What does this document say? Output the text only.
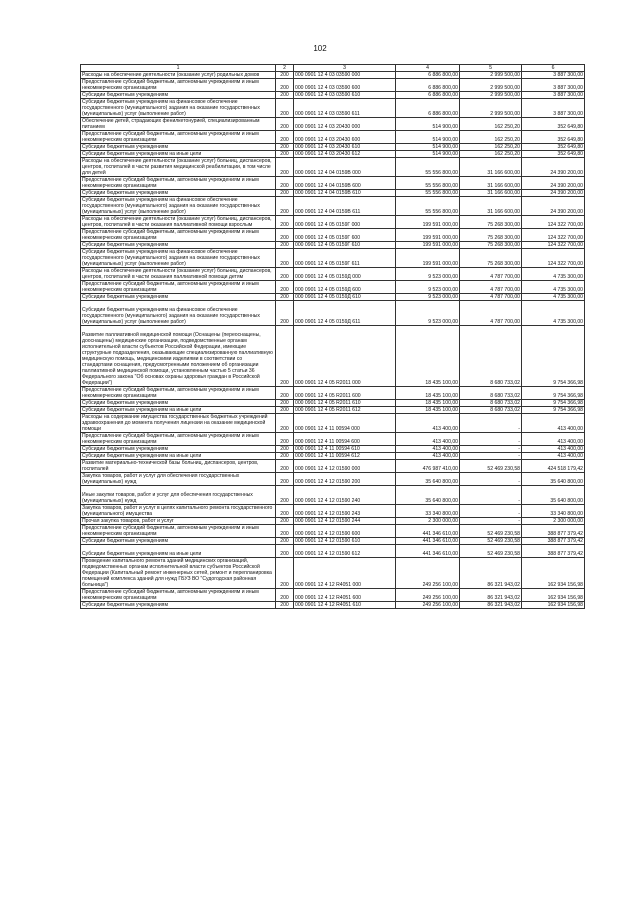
102
1	2	3	4	5	6
Расходы на обеспечение деятельности (оказание услуг) родильных домов	200	000 0901 12 4 03 03590 000	6 886 800,00	2 999 500,00	3 887 300,00
Предоставление субсидий бюджетным, автономным учреждениям и иным некоммерческим организациям	200	000 0901 12 4 03 03590 600	6 886 800,00	2 999 500,00	3 887 300,00
Субсидии бюджетным учреждениям	200	000 0901 12 4 03 03590 610	6 886 800,00	2 999 500,00	3 887 300,00
Субсидии бюджетным учреждениям на финансовое обеспечение государственного (муниципального) задания на оказание государственных (муниципальных) услуг (выполнение работ)	200	000 0901 12 4 03 03590 611	6 886 800,00	2 999 500,00	3 887 300,00
Обеспечение детей, страдающих фенилкетонурией, специализированным питанием	200	000 0901 12 4 03 20430 000	514 900,00	162 250,20	352 649,80
Предоставление субсидий бюджетным, автономным учреждениям и иным некоммерческим организациям	200	000 0901 12 4 03 20430 600	514 900,00	162 250,20	352 649,80
Субсидии бюджетным учреждениям	200	000 0901 12 4 03 20430 610	514 900,00	162 250,20	352 649,80
Субсидии бюджетным учреждениям на иные цели	200	000 0901 12 4 03 20430 612	514 900,00	162 250,20	352 649,80
Расходы на обеспечение деятельности (оказание услуг) больниц, диспансеров, центров, госпиталей в части развития медицинской реабилитации, в том числе для детей	200	000 0901 12 4 04 0159В 000	55 556 800,00	31 166 600,00	24 390 200,00
Предоставление субсидий бюджетным, автономным учреждениям и иным некоммерческим организациям	200	000 0901 12 4 04 0159В 600	55 556 800,00	31 166 600,00	24 390 200,00
Субсидии бюджетным учреждениям	200	000 0901 12 4 04 0159В 610	55 556 800,00	31 166 600,00	24 390 200,00
Субсидии бюджетным учреждениям на финансовое обеспечение государственного (муниципального) задания на оказание государственных (муниципальных) услуг (выполнение работ)	200	000 0901 12 4 04 0159В 611	55 556 800,00	31 166 600,00	24 390 200,00
Расходы на обеспечение деятельности (оказание услуг) больниц, диспансеров, центров, госпиталей в части оказания паллиативной помощи взрослым	200	000 0901 12 4 05 0159Г 000	199 591 000,00	75 268 300,00	124 322 700,00
Предоставление субсидий бюджетным, автономным учреждениям и иным некоммерческим организациям	200	000 0901 12 4 05 0159Г 600	199 591 000,00	75 268 300,00	124 322 700,00
Субсидии бюджетным учреждениям	200	000 0901 12 4 05 0159Г 610	199 591 000,00	75 268 300,00	124 322 700,00
Субсидии бюджетным учреждениям на финансовое обеспечение государственного (муниципального) задания на оказание государственных (муниципальных) услуг (выполнение работ)	200	000 0901 12 4 05 0159Г 611	199 591 000,00	75 268 300,00	124 322 700,00
Расходы на обеспечение деятельности (оказание услуг) больниц, диспансеров, центров, госпиталей в части оказания паллиативной помощи детям	200	000 0901 12 4 05 0159Д 000	9 523 000,00	4 787 700,00	4 735 300,00
Предоставление субсидий бюджетным, автономным учреждениям и иным некоммерческим организациям	200	000 0901 12 4 05 0159Д 600	9 523 000,00	4 787 700,00	4 735 300,00
Субсидии бюджетным учреждениям	200	000 0901 12 4 05 0159Д 610	9 523 000,00	4 787 700,00	4 735 300,00
Субсидии бюджетным учреждениям на финансовое обеспечение государственного (муниципального) задания на оказание государственных (муниципальных) услуг (выполнение работ)	200	000 0901 12 4 05 0159Д 611	9 523 000,00	4 787 700,00	4 735 300,00
Развитие паллиативной медицинской помощи (Оснащены (переоснащены, дооснащены) медицинские организации, подведомственные органам исполнительной власти субъектов Российской Федерации, имеющие структурные подразделения, оказывающие специализированную паллиативную медицинскую помощь, медицинскими изделиями в соответствии со стандартами оснащения, предусмотренными положением об организации паллиативной медицинской помощи, установленным частью 5 статьи 36 Федерального закона "Об основах охраны здоровья граждан в Российской Федерации")	200	000 0901 12 4 05 R2011 000	18 435 100,00	8 680 733,02	9 754 366,98
Предоставление субсидий бюджетным, автономным учреждениям и иным некоммерческим организациям	200	000 0901 12 4 05 R2011 600	18 435 100,00	8 680 733,02	9 754 366,98
Субсидии бюджетным учреждениям	200	000 0901 12 4 05 R2011 610	18 435 100,00	8 680 733,02	9 754 366,98
Субсидии бюджетным учреждениям на иные цели	200	000 0901 12 4 05 R2011 612	18 435 100,00	8 680 733,02	9 754 366,98
Расходы на содержание имущества государственных бюджетных учреждений здравоохранения до момента получения лицензии на оказание медицинской помощи	200	000 0901 12 4 11 00594 000	413 400,00	-	413 400,00
Предоставление субсидий бюджетным, автономным учреждениям и иным некоммерческим организациям	200	000 0901 12 4 11 00594 600	413 400,00	-	413 400,00
Субсидии бюджетным учреждениям	200	000 0901 12 4 11 00594 610	413 400,00	-	413 400,00
Субсидии бюджетным учреждениям на иные цели	200	000 0901 12 4 11 00594 612	413 400,00	-	413 400,00
Развитие материально-технической базы больниц, диспансеров, центров, госпиталей	200	000 0901 12 4 12 01590 000	476 987 410,00	52 469 230,58	424 518 179,42
Закупка товаров, работ и услуг для обеспечения государственных (муниципальных) нужд	200	000 0901 12 4 12 01590 200	35 640 800,00	-	35 640 800,00
Иные закупки товаров, работ и услуг для обеспечения государственных (муниципальных) нужд	200	000 0901 12 4 12 01590 240	35 640 800,00	-	35 640 800,00
Закупка товаров, работ и услуг в целях капитального ремонта государственного (муниципального) имущества	200	000 0901 12 4 12 01590 243	33 340 800,00	-	33 340 800,00
Прочая закупка товаров, работ и услуг	200	000 0901 12 4 12 01590 244	2 300 000,00	-	2 300 000,00
Предоставление субсидий бюджетным, автономным учреждениям и иным некоммерческим организациям	200	000 0901 12 4 12 01590 600	441 346 610,00	52 469 230,58	388 877 379,42
Субсидии бюджетным учреждениям	200	000 0901 12 4 12 01590 610	441 346 610,00	52 469 230,58	388 877 379,42
Субсидии бюджетным учреждениям на иные цели	200	000 0901 12 4 12 01590 612	441 346 610,00	52 469 230,58	388 877 379,42
Проведение капитального ремонта зданий медицинских организаций, подведомственных органам исполнительной власти субъектов Российской Федерации (Капитальный ремонт инженерных сетей, ремонт и перепланировка помещений комплекса зданий для нужд ГБУЗ ВО "Судогодская районная больница")	200	000 0901 12 4 12 R4051 000	249 256 100,00	86 321 943,02	162 934 156,98
Предоставление субсидий бюджетным, автономным учреждениям и иным некоммерческим организациям	200	000 0901 12 4 12 R4051 600	249 256 100,00	86 321 943,02	162 934 156,98
Субсидии бюджетным учреждениям	200	000 0901 12 4 12 R4051 610	249 256 100,00	86 321 943,02	162 934 156,98
